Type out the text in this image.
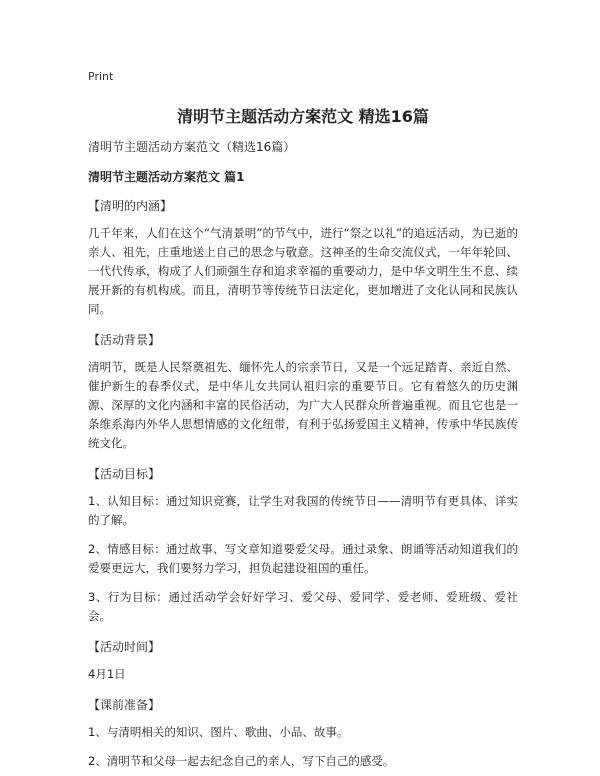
Print

清明节主题活动方案范文 精选16篇

清明节主题活动方案范文（精选16篇）

清明节主题活动方案范文 篇1

【清明的内涵】

几千年来，人们在这个“气清景明”的节气中，进行“祭之以礼”的追远活动，为已逝的亲人、祖先，庄重地送上自己的思念与敬意。这神圣的生命交流仪式，一年年轮回、一代代传承，构成了人们顽强生存和追求幸福的重要动力，是中华文明生生不息、续展开新的有机构成。而且，清明节等传统节日法定化，更加增进了文化认同和民族认同。

【活动背景】

清明节，既是人民祭奠祖先、缅怀先人的宗亲节日，又是一个远足踏青、亲近自然、催护新生的春季仪式，是中华儿女共同认祖归宗的重要节日。它有着悠久的历史渊源、深厚的文化内涵和丰富的民俗活动，为广大人民群众所普遍重视。而且它也是一条维系海内外华人思想情感的文化纽带，有利于弘扬爱国主义精神，传承中华民族传统文化。

【活动目标】

1、认知目标：通过知识竞赛，让学生对我国的传统节日——清明节有更具体、详实的了解。

2、情感目标：通过故事、写文章知道要爱父母。通过录象、朗诵等活动知道我们的爱要更远大，我们要努力学习，担负起建设祖国的重任。

3、行为目标：通过活动学会好好学习、爱父母、爱同学、爱老师、爱班级、爱社会。

【活动时间】

4月1日

【课前准备】

1、与清明相关的知识、图片、歌曲、小品、故事。

2、清明节和父母一起去纪念自己的亲人，写下自己的感受。
